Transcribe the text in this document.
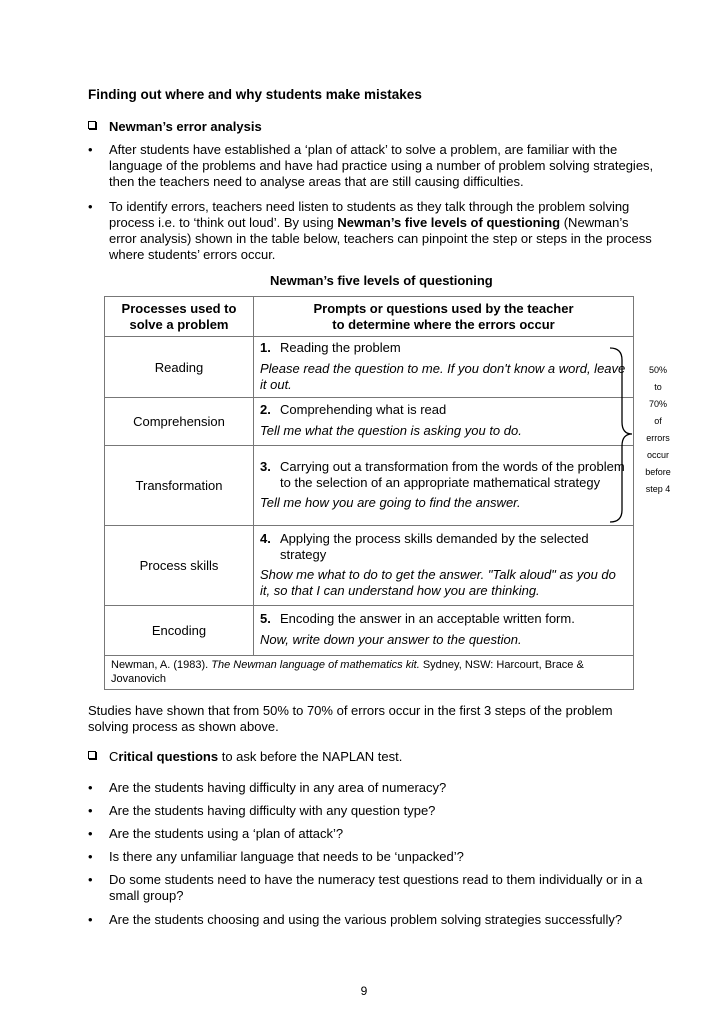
Finding out where and why students make mistakes
Newman’s error analysis
• After students have established a ‘plan of attack’ to solve a problem, are familiar with the language of the problems and have had practice using a number of problem solving strategies, then the teachers need to analyse areas that are still causing difficulties.
• To identify errors, teachers need listen to students as they talk through the problem solving process i.e. to ‘think out loud’. By using Newman’s five levels of questioning (Newman’s error analysis) shown in the table below, teachers can pinpoint the step or steps in the process where students’ errors occur.
Newman’s five levels of questioning
Processes used to solve a problem	Prompts or questions used by the teacher
to determine where the errors occur

Reading	1. Reading the problem
Please read the question to me. If you don't know a word, leave it out.

Comprehension	2. Comprehending what is read
Tell me what the question is asking you to do.

Transformation	3. Carrying out a transformation from the words of the problem to the selection of an appropriate mathematical strategy
Tell me how you are going to find the answer.

Process skills	4. Applying the process skills demanded by the selected strategy
Show me what to do to get the answer. "Talk aloud" as you do it, so that I can understand how you are thinking.

Encoding	5. Encoding the answer in an acceptable written form.
Now, write down your answer to the question.

Newman, A. (1983). The Newman language of mathematics kit. Sydney, NSW: Harcourt, Brace & Jovanovich	
50%
to
70%
of
errors
occur
before
step 4
Studies have shown that from 50% to 70% of errors occur in the first 3 steps of the problem solving process as shown above.
Critical questions to ask before the NAPLAN test.
• Are the students having difficulty in any area of numeracy?
• Are the students having difficulty with any question type?
• Are the students using a ‘plan of attack’?
• Is there any unfamiliar language that needs to be ‘unpacked’?
• Do some students need to have the numeracy test questions read to them individually or in a small group?
• Are the students choosing and using the various problem solving strategies successfully?
9
